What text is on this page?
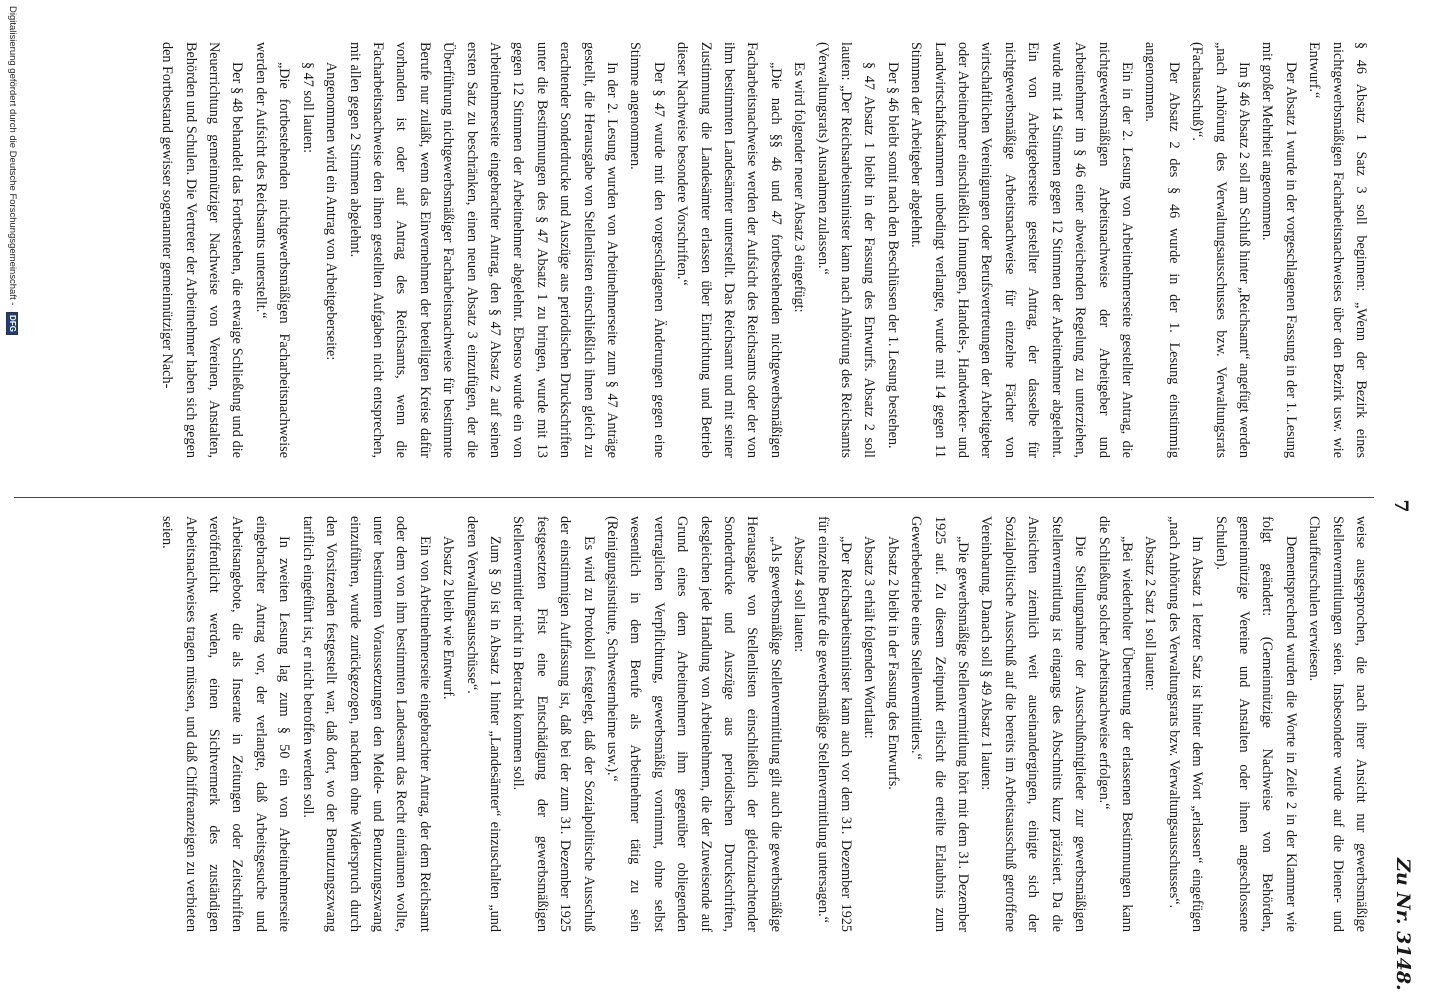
7
Zu Nr. 3148.

§ 46 Absatz 1 Satz 3 soll beginnen: „Wenn der Bezirk eines nichtgewerbsmäßigen Facharbeitsnachweises über den Bezirk usw. wie Entwurf.“

Der Absatz 1 wurde in der vorgeschlagenen Fassung in der 1. Lesung mit großer Mehrheit angenommen.

Im § 46 Absatz 2 soll am Schluß hinter „Reichsamt“ angefügt werden „nach Anhörung des Verwaltungsausschusses bzw. Verwaltungsrats (Fachausschuß)“.

Der Absatz 2 des § 46 wurde in der 1. Lesung einstimmig angenommen.

Ein in der 2. Lesung von Arbeitnehmerseite gestellter Antrag, die nichtgewerbsmäßigen Arbeitsnachweise der Arbeitgeber und Arbeitnehmer im § 46 einer abweichenden Regelung zu unterziehen, wurde mit 14 Stimmen gegen 12 Stimmen der Arbeitnehmer abgelehnt. Ein von Arbeitgeberseite gestellter Antrag, der dasselbe für nichtgewerbsmäßige Arbeitsnachweise für einzelne Fächer von wirtschaftlichen Vereinigungen oder Berufsvertretungen der Arbeitgeber oder Arbeitnehmer einschließlich Innungen, Handels-, Handwerker- und Landwirtschaftskammern unbedingt verlangte, wurde mit 14 gegen 11 Stimmen der Arbeitgeber abgelehnt.

Der § 46 bleibt somit nach den Beschlüssen der 1. Lesung bestehen.

§ 47 Absatz 1 bleibt in der Fassung des Entwurfs. Absatz 2 soll lauten: „Der Reichsarbeitsminister kann nach Anhörung des Reichsamts (Verwaltungsrats) Ausnahmen zulassen.“

Es wird folgender neuer Absatz 3 eingefügt:

„Die nach §§ 46 und 47 fortbestehenden nichtgewerbsmäßigen Facharbeitsnachweise werden der Aufsicht des Reichsamts oder der von ihm bestimmten Landesämter unterstellt. Das Reichsamt und mit seiner Zustimmung die Landesämter erlassen über Einrichtung und Betrieb dieser Nachweise besondere Vorschriften.“

Der § 47 wurde mit den vorgeschlagenen Änderungen gegen eine Stimme angenommen.

In der 2. Lesung wurden von Arbeitnehmerseite zum § 47 Anträge gestellt, die Herausgabe von Stellenlisten einschließlich ihnen gleich zu erachtender Sonderdrucke und Auszüge aus periodischen Druckschriften unter die Bestimmungen des § 47 Absatz 1 zu bringen, wurde mit 13 gegen 12 Stimmen der Arbeitnehmer abgelehnt. Ebenso wurde ein von Arbeitnehmerseite eingebrachter Antrag, den § 47 Absatz 2 auf seinen ersten Satz zu beschränken, einen neuen Absatz 3 einzufügen, der die Überführung nichtgewerbsmäßiger Facharbeitsnachweise für bestimmte Berufe nur zuläßt, wenn das Einvernehmen der beteiligten Kreise dafür vorhanden ist oder auf Antrag des Reichsamts, wenn die Facharbeitsnachweise den ihnen gestellten Aufgaben nicht entsprechen, mit allen gegen 2 Stimmen abgelehnt.

Angenommen wird ein Antrag von Arbeitgeberseite:

§ 47 soll lauten:

„Die fortbestehenden nichtgewerbsmäßigen Facharbeitsnachweise werden der Aufsicht des Reichsamts unterstellt.“

Der § 48 behandelt das Fortbestehen, die etwaige Schließung und die Neuerrichtung gemeinnütziger Nachweise von Vereinen, Anstalten, Behörden und Schulen. Die Vertreter der Arbeitnehmer haben sich gegen den Fortbestand gewisser sogenannter gemeinnütziger Nach-

weise ausgesprochen, die nach ihrer Ansicht nur gewerbsmäßige Stellenvermittlungen seien. Insbesondere wurde auf die Diener- und Chauffeurschulen verwiesen.

Dementsprechend wurden die Worte in Zeile 2 in der Klammer wie folgt geändert: (Gemeinnützige Nachweise von Behörden, gemeinnützige Vereine und Anstalten oder ihnen angeschlossene Schulen).

Im Absatz 1 letzter Satz ist hinter dem Wort „erlassen“ eingefügen „nach Anhörung des Verwaltungsrats bzw. Verwaltungsausschusses“.

Absatz 2 Satz 1 soll lauten:

„Bei wiederholter Übertretung der erlassenen Bestimmungen kann die Schließung solcher Arbeitsnachweise erfolgen.“

Die Stellungnahme der Ausschußmitglieder zur gewerbsmäßigen Stellenvermittlung ist eingangs des Abschnitts kurz präzisiert. Da die Ansichten ziemlich weit auseinandergingen, einigte sich der Sozialpolitische Ausschuß auf die bereits im Arbeitsausschuß getroffene Vereinbarung. Danach soll § 49 Absatz 1 lauten:

„Die gewerbsmäßige Stellenvermittlung hört mit dem 31. Dezember 1925 auf. Zu diesem Zeitpunkt erlischt die erteilte Erlaubnis zum Gewerbebetriebe eines Stellenvermittlers.“

Absatz 2 bleibt in der Fassung des Entwurfs.

Absatz 3 erhält folgenden Wortlaut:

„Der Reichsarbeitsminister kann auch vor dem 31. Dezember 1925 für einzelne Berufe die gewerbsmäßige Stellenvermittlung untersagen.“

Absatz 4 soll lauten:

„Als gewerbsmäßige Stellenvermittlung gilt auch die gewerbsmäßige Herausgabe von Stellenlisten einschließlich der gleichzuachtender Sonderdrucke und Auszüge aus periodischen Druckschriften, desgleichen jede Handlung von Arbeitnehmern, die der Zuweisende auf Grund eines dem Arbeitnehmern ihm gegenüber obliegenden vertraglichen Verpflichtung, gewerbsmäßig vornimmt, ohne selbst wesentlich in dem Berufe als Arbeitnehmer tätig zu sein (Reinigungsinstitute, Schwesternheime usw.).“

Es wird zu Protokoll festgelegt, daß der Sozialpolitische Ausschuß der einstimmigen Auffassung ist, daß bei der zum 31. Dezember 1925 festgesetzten Frist eine Entschädigung der gewerbsmäßigen Stellenvermittler nicht in Betracht kommen soll.

Zum § 50 ist in Absatz 1 hinter „Landesämter“ einzuschalten „und deren Verwaltungsausschüsse“.

Absatz 2 bleibt wie Entwurf.

Ein von Arbeitnehmerseite eingebrachter Antrag, der dem Reichsamt oder dem von ihm bestimmten Landesamt das Recht einräumen wollte, unter bestimmten Voraussetzungen den Melde- und Benutzungszwang einzuführen, wurde zurückgezogen, nachdem ohne Widerspruch durch den Vorsitzenden festgestellt war, daß dort, wo der Benutzungszwang tariflich eingeführt ist, er nicht betroffen werden soll.

In zweiten Lesung lag zum § 50 ein von Arbeitnehmerseite eingebrachter Antrag vor, der verlangte, daß Arbeitsgesuche und Arbeitsangebote, die als Inserate in Zeitungen oder Zeitschriften veröffentlicht werden, einen Sichtvermerk des zuständigen Arbeitsnachweises tragen müssen, und daß Chiffreanzeigen zu verbieten seien.

Digitalisierung gefördert durch die Deutsche Forschungsgemeinschaft - DFG
